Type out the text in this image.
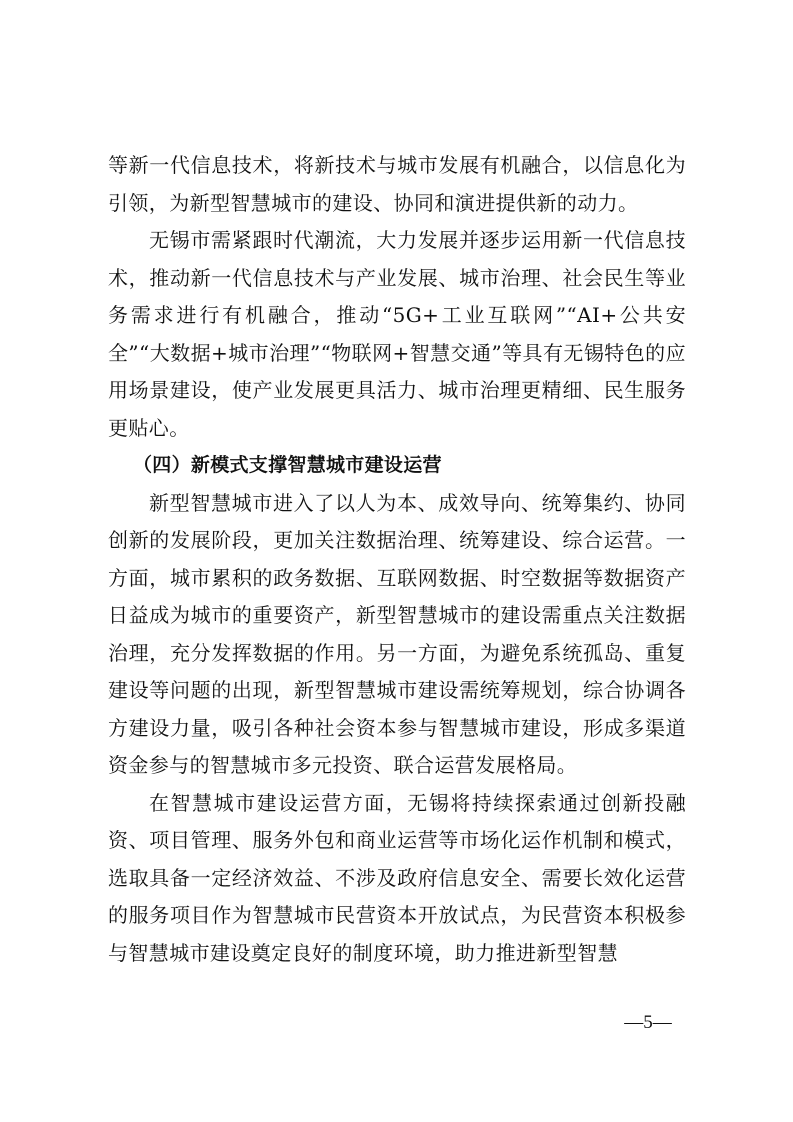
等新一代信息技术，将新技术与城市发展有机融合，以信息化为引领，为新型智慧城市的建设、协同和演进提供新的动力。

无锡市需紧跟时代潮流，大力发展并逐步运用新一代信息技术，推动新一代信息技术与产业发展、城市治理、社会民生等业务需求进行有机融合，推动“5G+工业互联网”“AI+公共安全”“大数据+城市治理”“物联网+智慧交通”等具有无锡特色的应用场景建设，使产业发展更具活力、城市治理更精细、民生服务更贴心。

（四）新模式支撑智慧城市建设运营

新型智慧城市进入了以人为本、成效导向、统筹集约、协同创新的发展阶段，更加关注数据治理、统筹建设、综合运营。一方面，城市累积的政务数据、互联网数据、时空数据等数据资产日益成为城市的重要资产，新型智慧城市的建设需重点关注数据治理，充分发挥数据的作用。另一方面，为避免系统孤岛、重复建设等问题的出现，新型智慧城市建设需统筹规划，综合协调各方建设力量，吸引各种社会资本参与智慧城市建设，形成多渠道资金参与的智慧城市多元投资、联合运营发展格局。

在智慧城市建设运营方面，无锡将持续探索通过创新投融资、项目管理、服务外包和商业运营等市场化运作机制和模式，选取具备一定经济效益、不涉及政府信息安全、需要长效化运营的服务项目作为智慧城市民营资本开放试点，为民营资本积极参与智慧城市建设奠定良好的制度环境，助力推进新型智慧

—5—
